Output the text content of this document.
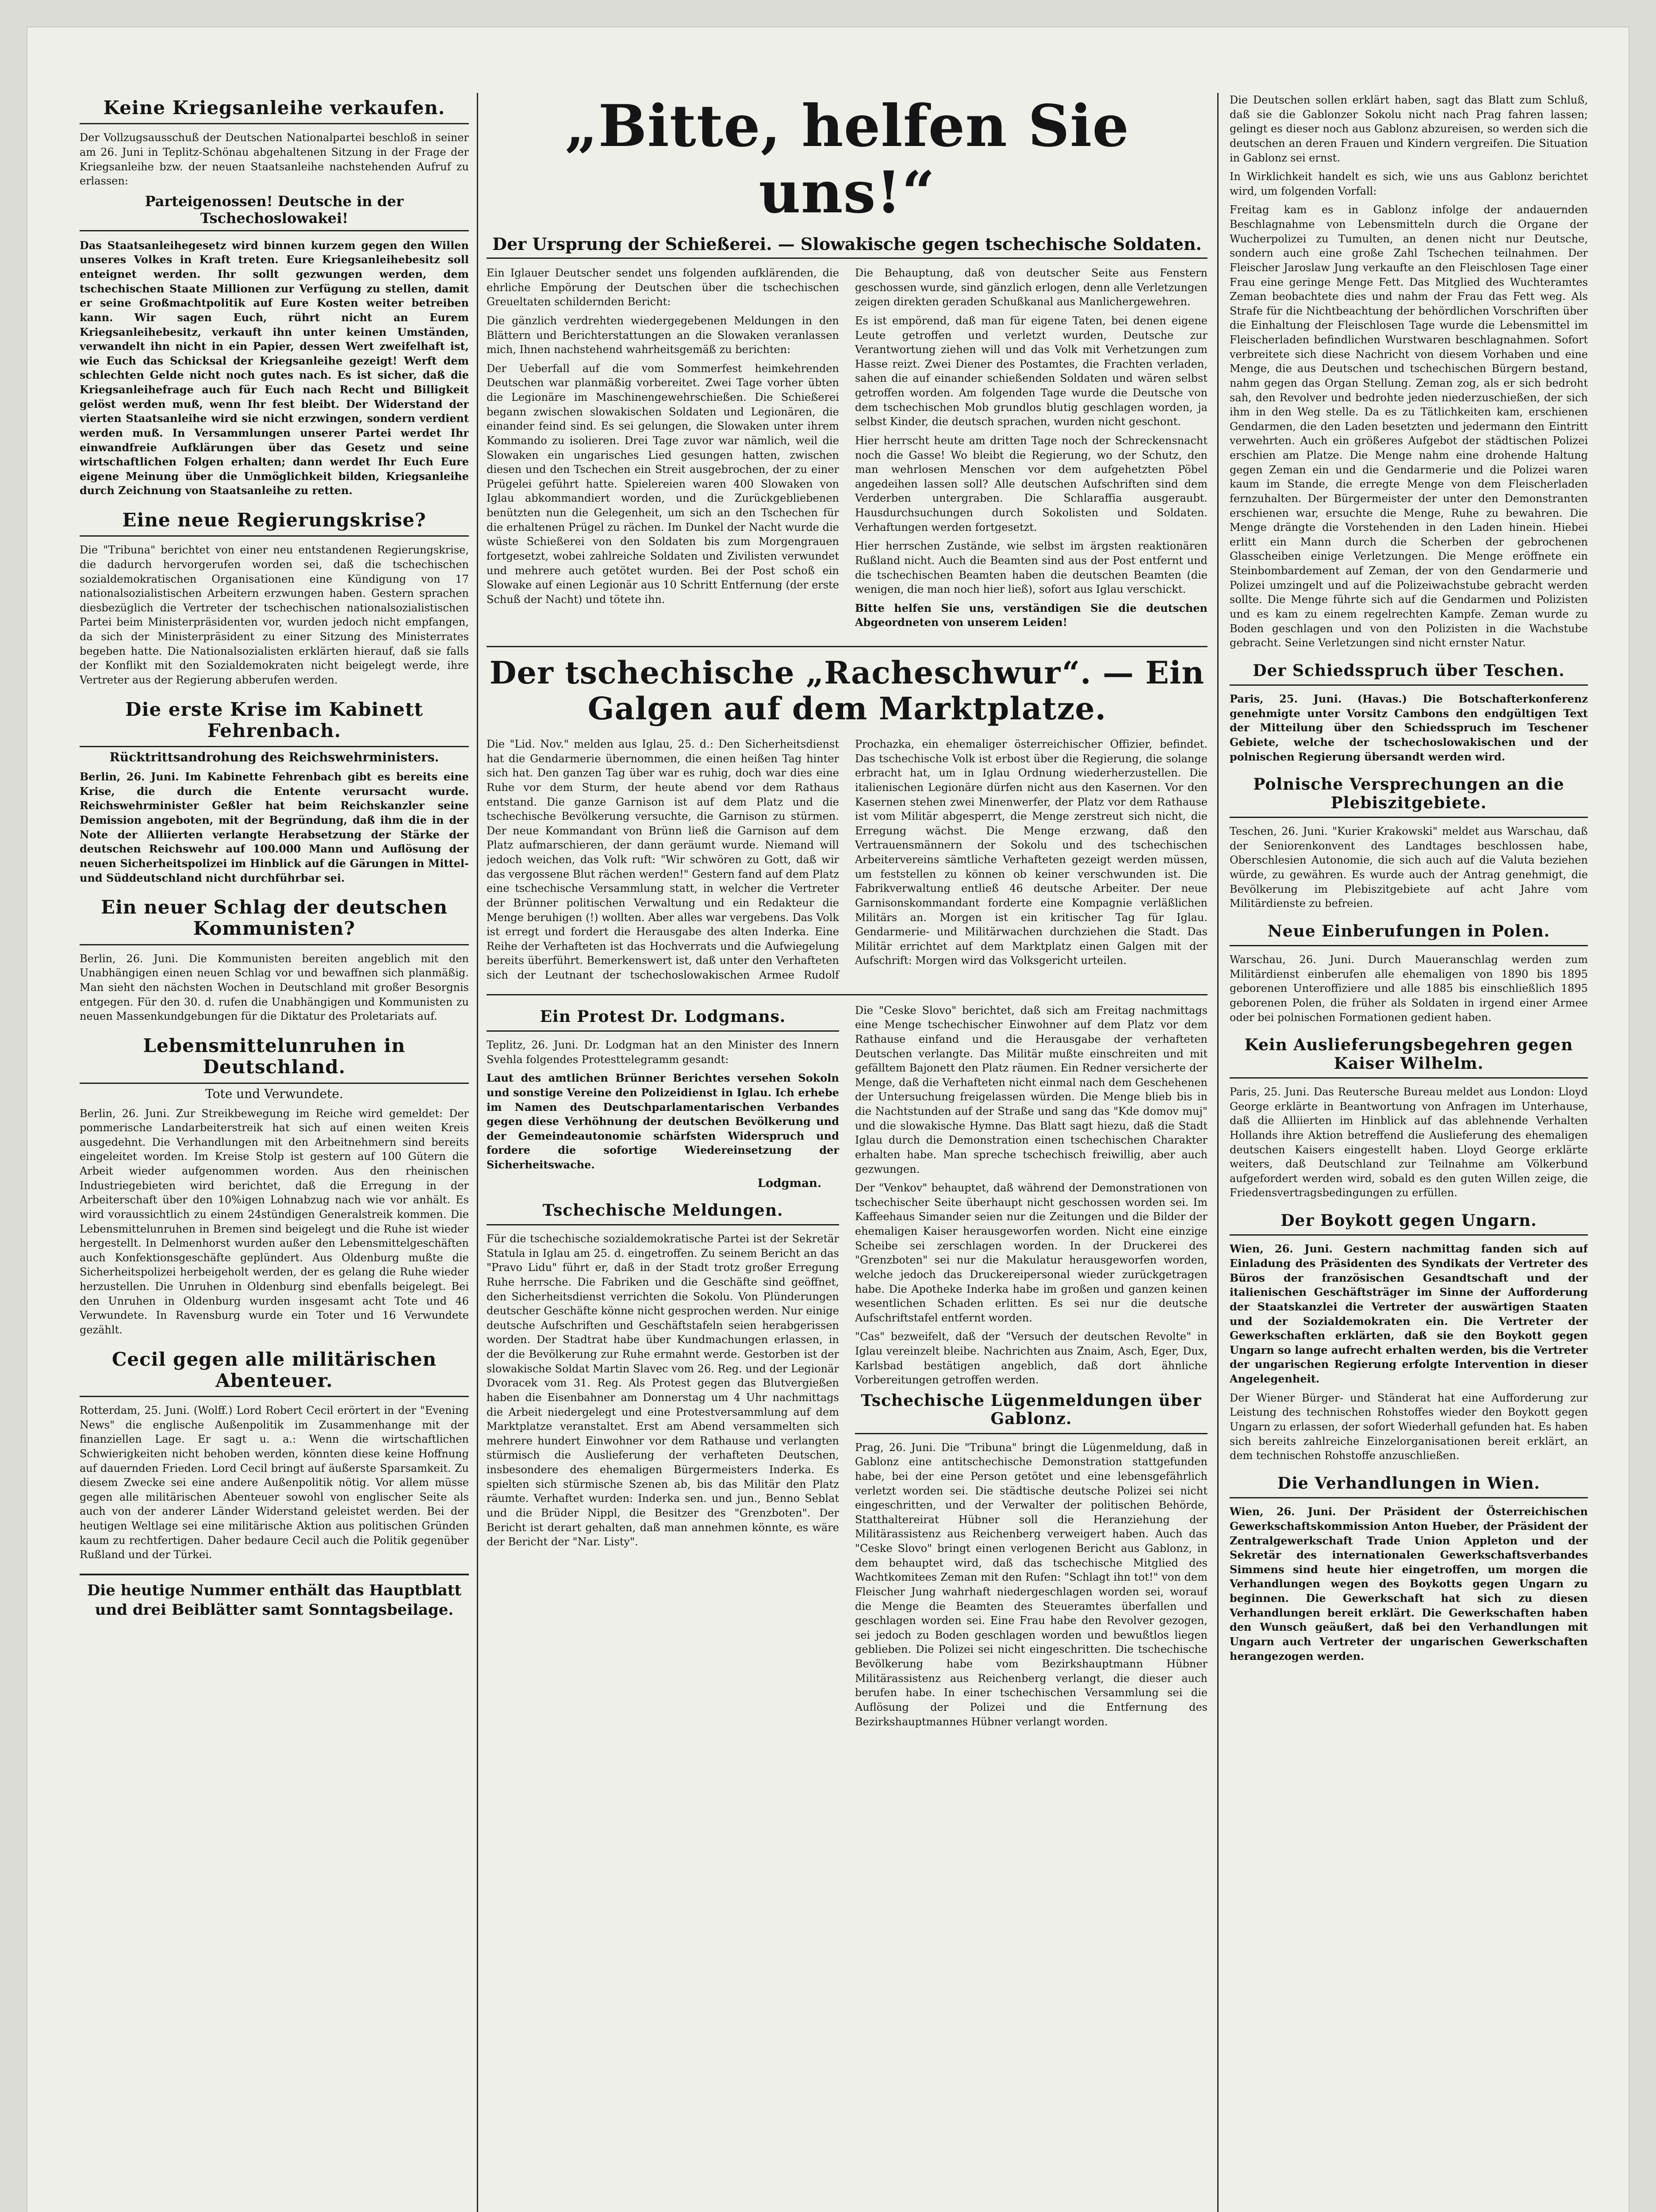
Keine Kriegsanleihe verkaufen.

Der Vollzugsausschuß der Deutschen Nationalpartei beschloß in seiner am 26. Juni in Teplitz-Schönau abgehaltenen Sitzung in der Frage der Kriegsanleihe bzw. der neuen Staatsanleihe nachstehenden Aufruf zu erlassen:

Parteigenossen! Deutsche in der Tschechoslowakei!

Das Staatsanleihegesetz wird binnen kurzem gegen den Willen unseres Volkes in Kraft treten. Eure Kriegsanleihebesitz soll enteignet werden. Ihr sollt gezwungen werden, dem tschechischen Staate Millionen zur Verfügung zu stellen, damit er seine Großmachtpolitik auf Eure Kosten weiter betreiben kann. Wir sagen Euch, rührt nicht an Eurem Kriegsanleihebesitz, verkauft ihn unter keinen Umständen, verwandelt ihn nicht in ein Papier, dessen Wert zweifelhaft ist, wie Euch das Schicksal der Kriegsanleihe gezeigt! Werft dem schlechten Gelde nicht noch gutes nach. Es ist sicher, daß die Kriegsanleihefrage auch für Euch nach Recht und Billigkeit gelöst werden muß, wenn Ihr fest bleibt. Der Widerstand der vierten Staatsanleihe wird sie nicht erzwingen, sondern verdient werden muß. In Versammlungen unserer Partei werdet Ihr einwandfreie Aufklärungen über das Gesetz und seine wirtschaftlichen Folgen erhalten; dann werdet Ihr Euch Eure eigene Meinung über die Unmöglichkeit bilden, Kriegsanleihe durch Zeichnung von Staatsanleihe zu retten.

Eine neue Regierungskrise?

Die "Tribuna" berichtet von einer neu entstandenen Regierungskrise, die dadurch hervorgerufen worden sei, daß die tschechischen sozialdemokratischen Organisationen eine Kündigung von 17 nationalsozialistischen Arbeitern erzwungen haben. Gestern sprachen diesbezüglich die Vertreter der tschechischen nationalsozialistischen Partei beim Ministerpräsidenten vor, wurden jedoch nicht empfangen, da sich der Ministerpräsident zu einer Sitzung des Ministerrates begeben hatte. Die Nationalsozialisten erklärten hierauf, daß sie falls der Konflikt mit den Sozialdemokraten nicht beigelegt werde, ihre Vertreter aus der Regierung abberufen werden.

Die erste Krise im Kabinett Fehrenbach.
Rücktrittsandrohung des Reichswehrministers.

Berlin, 26. Juni. Im Kabinette Fehrenbach gibt es bereits eine Krise, die durch die Entente verursacht wurde. Reichswehrminister Geßler hat beim Reichskanzler seine Demission angeboten, mit der Begründung, daß ihm die in der Note der Alliierten verlangte Herabsetzung der Stärke der deutschen Reichswehr auf 100.000 Mann und Auflösung der neuen Sicherheitspolizei im Hinblick auf die Gärungen in Mittel- und Süddeutschland nicht durchführbar sei.

Ein neuer Schlag der deutschen Kommunisten?

Berlin, 26. Juni. Die Kommunisten bereiten angeblich mit den Unabhängigen einen neuen Schlag vor und bewaffnen sich planmäßig. Man sieht den nächsten Wochen in Deutschland mit großer Besorgnis entgegen. Für den 30. d. rufen die Unabhängigen und Kommunisten zu neuen Massenkundgebungen für die Diktatur des Proletariats auf.

Lebensmittelunruhen in Deutschland.
Tote und Verwundete.

Berlin, 26. Juni. Zur Streikbewegung im Reiche wird gemeldet: Der pommerische Landarbeiterstreik hat sich auf einen weiten Kreis ausgedehnt. Die Verhandlungen mit den Arbeitnehmern sind bereits eingeleitet worden. Im Kreise Stolp ist gestern auf 100 Gütern die Arbeit wieder aufgenommen worden. Aus den rheinischen Industriegebieten wird berichtet, daß die Erregung in der Arbeiterschaft über den 10%igen Lohnabzug nach wie vor anhält. Es wird voraussichtlich zu einem 24stündigen Generalstreik kommen. Die Lebensmittelunruhen in Bremen sind beigelegt und die Ruhe ist wieder hergestellt. In Delmenhorst wurden außer den Lebensmittelgeschäften auch Konfektionsgeschäfte geplündert. Aus Oldenburg mußte die Sicherheitspolizei herbeigeholt werden, der es gelang die Ruhe wieder herzustellen. Die Unruhen in Oldenburg sind ebenfalls beigelegt. Bei den Unruhen in Oldenburg wurden insgesamt acht Tote und 46 Verwundete. In Ravensburg wurde ein Toter und 16 Verwundete gezählt.

Cecil gegen alle militärischen Abenteuer.

Rotterdam, 25. Juni. (Wolff.) Lord Robert Cecil erörtert in der "Evening News" die englische Außenpolitik im Zusammenhange mit der finanziellen Lage. Er sagt u. a.: Wenn die wirtschaftlichen Schwierigkeiten nicht behoben werden, könnten diese keine Hoffnung auf dauernden Frieden. Lord Cecil bringt auf äußerste Sparsamkeit. Zu diesem Zwecke sei eine andere Außenpolitik nötig. Vor allem müsse gegen alle militärischen Abenteuer sowohl von englischer Seite als auch von der anderer Länder Widerstand geleistet werden. Bei der heutigen Weltlage sei eine militärische Aktion aus politischen Gründen kaum zu rechtfertigen. Daher bedaure Cecil auch die Politik gegenüber Rußland und der Türkei.

Die heutige Nummer enthält das Hauptblatt und drei Beiblätter samt Sonntagsbeilage.
„Bitte, helfen Sie uns!“
Der Ursprung der Schießerei. — Slowakische gegen tschechische Soldaten.

Ein Iglauer Deutscher sendet uns folgenden aufklärenden, die ehrliche Empörung der Deutschen über die tschechischen Greueltaten schildernden Bericht:

Die gänzlich verdrehten wiedergegebenen Meldungen in den Blättern und Berichterstattungen an die Slowaken veranlassen mich, Ihnen nachstehend wahrheitsgemäß zu berichten:

Der Ueberfall auf die vom Sommerfest heimkehrenden Deutschen war planmäßig vorbereitet. Zwei Tage vorher übten die Legionäre im Maschinengewehrschießen. Die Schießerei begann zwischen slowakischen Soldaten und Legionären, die einander feind sind. Es sei gelungen, die Slowaken unter ihrem Kommando zu isolieren. Drei Tage zuvor war nämlich, weil die Slowaken ein ungarisches Lied gesungen hatten, zwischen diesen und den Tschechen ein Streit ausgebrochen, der zu einer Prügelei geführt hatte. Spielereien waren 400 Slowaken von Iglau abkommandiert worden, und die Zurückgebliebenen benützten nun die Gelegenheit, um sich an den Tschechen für die erhaltenen Prügel zu rächen. Im Dunkel der Nacht wurde die wüste Schießerei von den Soldaten bis zum Morgengrauen fortgesetzt, wobei zahlreiche Soldaten und Zivilisten verwundet und mehrere auch getötet wurden. Bei der Post schoß ein Slowake auf einen Legionär aus 10 Schritt Entfernung (der erste Schuß der Nacht) und tötete ihn.

Die Behauptung, daß von deutscher Seite aus Fenstern geschossen wurde, sind gänzlich erlogen, denn alle Verletzungen zeigen direkten geraden Schußkanal aus Manlichergewehren.

Es ist empörend, daß man für eigene Taten, bei denen eigene Leute getroffen und verletzt wurden, Deutsche zur Verantwortung ziehen will und das Volk mit Verhetzungen zum Hasse reizt. Zwei Diener des Postamtes, die Frachten verladen, sahen die auf einander schießenden Soldaten und wären selbst getroffen worden. Am folgenden Tage wurde die Deutsche von dem tschechischen Mob grundlos blutig geschlagen worden, ja selbst Kinder, die deutsch sprachen, wurden nicht geschont.

Hier herrscht heute am dritten Tage noch der Schreckensnacht noch die Gasse! Wo bleibt die Regierung, wo der Schutz, den man wehrlosen Menschen vor dem aufgehetzten Pöbel angedeihen lassen soll? Alle deutschen Aufschriften sind dem Verderben untergraben. Die Schlaraffia ausgeraubt. Hausdurchsuchungen durch Sokolisten und Soldaten. Verhaftungen werden fortgesetzt.

Hier herrschen Zustände, wie selbst im ärgsten reaktionären Rußland nicht. Auch die Beamten sind aus der Post entfernt und die tschechischen Beamten haben die deutschen Beamten (die wenigen, die man noch hier ließ), sofort aus Iglau verschickt.

Bitte helfen Sie uns, verständigen Sie die deutschen Abgeordneten von unserem Leiden!

Der tschechische „Racheschwur“. — Ein Galgen auf dem Marktplatze.

Die "Lid. Nov." melden aus Iglau, 25. d.: Den Sicherheitsdienst hat die Gendarmerie übernommen, die einen heißen Tag hinter sich hat. Den ganzen Tag über war es ruhig, doch war dies eine Ruhe vor dem Sturm, der heute abend vor dem Rathaus entstand. Die ganze Garnison ist auf dem Platz und die tschechische Bevölkerung versuchte, die Garnison zu stürmen. Der neue Kommandant von Brünn ließ die Garnison auf dem Platz aufmarschieren, der dann geräumt wurde. Niemand will jedoch weichen, das Volk ruft: "Wir schwören zu Gott, daß wir das vergossene Blut rächen werden!" Gestern fand auf dem Platz eine tschechische Versammlung statt, in welcher die Vertreter der Brünner politischen Verwaltung und ein Redakteur die Menge beruhigen (!) wollten. Aber alles war vergebens. Das Volk ist erregt und fordert die Herausgabe des alten Inderka. Eine Reihe der Verhafteten ist das Hochverrats und die Aufwiegelung bereits überführt. Bemerkenswert ist, daß unter den Verhafteten sich der Leutnant der tschechoslowakischen Armee Rudolf Prochazka, ein ehemaliger österreichischer Offizier, befindet. Das tschechische Volk ist erbost über die Regierung, die solange erbracht hat, um in Iglau Ordnung wiederherzustellen. Die italienischen Legionäre dürfen nicht aus den Kasernen. Vor den Kasernen stehen zwei Minenwerfer, der Platz vor dem Rathause ist vom Militär abgesperrt, die Menge zerstreut sich nicht, die Erregung wächst. Die Menge erzwang, daß den Vertrauensmännern der Sokolu und des tschechischen Arbeitervereins sämtliche Verhafteten gezeigt werden müssen, um feststellen zu können ob keiner verschwunden ist. Die Fabrikverwaltung entließ 46 deutsche Arbeiter. Der neue Garnisonskommandant forderte eine Kompagnie verläßlichen Militärs an. Morgen ist ein kritischer Tag für Iglau. Gendarmerie- und Militärwachen durchziehen die Stadt. Das Militär errichtet auf dem Marktplatz einen Galgen mit der Aufschrift: Morgen wird das Volksgericht urteilen.

Ein Protest Dr. Lodgmans.

Teplitz, 26. Juni. Dr. Lodgman hat an den Minister des Innern Svehla folgendes Protesttelegramm gesandt:

Laut des amtlichen Brünner Berichtes versehen Sokoln und sonstige Vereine den Polizeidienst in Iglau. Ich erhebe im Namen des Deutschparlamentarischen Verbandes gegen diese Verhöhnung der deutschen Bevölkerung und der Gemeindeautonomie schärfsten Widerspruch und fordere die sofortige Wiedereinsetzung der Sicherheitswache.

Lodgman.
Tschechische Meldungen.

Für die tschechische sozialdemokratische Partei ist der Sekretär Statula in Iglau am 25. d. eingetroffen. Zu seinem Bericht an das "Pravo Lidu" führt er, daß in der Stadt trotz großer Erregung Ruhe herrsche. Die Fabriken und die Geschäfte sind geöffnet, den Sicherheitsdienst verrichten die Sokolu. Von Plünderungen deutscher Geschäfte könne nicht gesprochen werden. Nur einige deutsche Aufschriften und Geschäftstafeln seien herabgerissen worden. Der Stadtrat habe über Kundmachungen erlassen, in der die Bevölkerung zur Ruhe ermahnt werde. Gestorben ist der slowakische Soldat Martin Slavec vom 26. Reg. und der Legionär Dvoracek vom 31. Reg. Als Protest gegen das Blutvergießen haben die Eisenbahner am Donnerstag um 4 Uhr nachmittags die Arbeit niedergelegt und eine Protestversammlung auf dem Marktplatze veranstaltet. Erst am Abend versammelten sich mehrere hundert Einwohner vor dem Rathause und verlangten stürmisch die Auslieferung der verhafteten Deutschen, insbesondere des ehemaligen Bürgermeisters Inderka. Es spielten sich stürmische Szenen ab, bis das Militär den Platz räumte. Verhaftet wurden: Inderka sen. und jun., Benno Seblat und die Brüder Nippl, die Besitzer des "Grenzboten". Der Bericht ist derart gehalten, daß man annehmen könnte, es wäre der Bericht der "Nar. Listy".

Die "Ceske Slovo" berichtet, daß sich am Freitag nachmittags eine Menge tschechischer Einwohner auf dem Platz vor dem Rathause einfand und die Herausgabe der verhafteten Deutschen verlangte. Das Militär mußte einschreiten und mit gefälltem Bajonett den Platz räumen. Ein Redner versicherte der Menge, daß die Verhafteten nicht einmal nach dem Geschehenen der Untersuchung freigelassen würden. Die Menge blieb bis in die Nachtstunden auf der Straße und sang das "Kde domov muj" und die slowakische Hymne. Das Blatt sagt hiezu, daß die Stadt Iglau durch die Demonstration einen tschechischen Charakter erhalten habe. Man spreche tschechisch freiwillig, aber auch gezwungen.

Der "Venkov" behauptet, daß während der Demonstrationen von tschechischer Seite überhaupt nicht geschossen worden sei. Im Kaffeehaus Simander seien nur die Zeitungen und die Bilder der ehemaligen Kaiser herausgeworfen worden. Nicht eine einzige Scheibe sei zerschlagen worden. In der Druckerei des "Grenzboten" sei nur die Makulatur herausgeworfen worden, welche jedoch das Druckereipersonal wieder zurückgetragen habe. Die Apotheke Inderka habe im großen und ganzen keinen wesentlichen Schaden erlitten. Es sei nur die deutsche Aufschriftstafel entfernt worden.

"Cas" bezweifelt, daß der "Versuch der deutschen Revolte" in Iglau vereinzelt bleibe. Nachrichten aus Znaim, Asch, Eger, Dux, Karlsbad bestätigen angeblich, daß dort ähnliche Vorbereitungen getroffen werden.

Tschechische Lügenmeldungen über Gablonz.

Prag, 26. Juni. Die "Tribuna" bringt die Lügenmeldung, daß in Gablonz eine antitschechische Demonstration stattgefunden habe, bei der eine Person getötet und eine lebensgefährlich verletzt worden sei. Die städtische deutsche Polizei sei nicht eingeschritten, und der Verwalter der politischen Behörde, Statthaltereirat Hübner soll die Heranziehung der Militärassistenz aus Reichenberg verweigert haben. Auch das "Ceske Slovo" bringt einen verlogenen Bericht aus Gablonz, in dem behauptet wird, daß das tschechische Mitglied des Wachtkomitees Zeman mit den Rufen: "Schlagt ihn tot!" von dem Fleischer Jung wahrhaft niedergeschlagen worden sei, worauf die Menge die Beamten des Steueramtes überfallen und geschlagen worden sei. Eine Frau habe den Revolver gezogen, sei jedoch zu Boden geschlagen worden und bewußtlos liegen geblieben. Die Polizei sei nicht eingeschritten. Die tschechische Bevölkerung habe vom Bezirkshauptmann Hübner Militärassistenz aus Reichenberg verlangt, die dieser auch berufen habe. In einer tschechischen Versammlung sei die Auflösung der Polizei und die Entfernung des Bezirkshauptmannes Hübner verlangt worden.

Die Deutschen sollen erklärt haben, sagt das Blatt zum Schluß, daß sie die Gablonzer Sokolu nicht nach Prag fahren lassen; gelingt es dieser noch aus Gablonz abzureisen, so werden sich die deutschen an deren Frauen und Kindern vergreifen. Die Situation in Gablonz sei ernst.

In Wirklichkeit handelt es sich, wie uns aus Gablonz berichtet wird, um folgenden Vorfall:

Freitag kam es in Gablonz infolge der andauernden Beschlagnahme von Lebensmitteln durch die Organe der Wucherpolizei zu Tumulten, an denen nicht nur Deutsche, sondern auch eine große Zahl Tschechen teilnahmen. Der Fleischer Jaroslaw Jung verkaufte an den Fleischlosen Tage einer Frau eine geringe Menge Fett. Das Mitglied des Wuchteramtes Zeman beobachtete dies und nahm der Frau das Fett weg. Als Strafe für die Nichtbeachtung der behördlichen Vorschriften über die Einhaltung der Fleischlosen Tage wurde die Lebensmittel im Fleischerladen befindlichen Wurstwaren beschlagnahmen. Sofort verbreitete sich diese Nachricht von diesem Vorhaben und eine Menge, die aus Deutschen und tschechischen Bürgern bestand, nahm gegen das Organ Stellung. Zeman zog, als er sich bedroht sah, den Revolver und bedrohte jeden niederzuschießen, der sich ihm in den Weg stelle. Da es zu Tätlichkeiten kam, erschienen Gendarmen, die den Laden besetzten und jedermann den Eintritt verwehrten. Auch ein größeres Aufgebot der städtischen Polizei erschien am Platze. Die Menge nahm eine drohende Haltung gegen Zeman ein und die Gendarmerie und die Polizei waren kaum im Stande, die erregte Menge von dem Fleischerladen fernzuhalten. Der Bürgermeister der unter den Demonstranten erschienen war, ersuchte die Menge, Ruhe zu bewahren. Die Menge drängte die Vorstehenden in den Laden hinein. Hiebei erlitt ein Mann durch die Scherben der gebrochenen Glasscheiben einige Verletzungen. Die Menge eröffnete ein Steinbombardement auf Zeman, der von den Gendarmerie und Polizei umzingelt und auf die Polizeiwachstube gebracht werden sollte. Die Menge führte sich auf die Gendarmen und Polizisten und es kam zu einem regelrechten Kampfe. Zeman wurde zu Boden geschlagen und von den Polizisten in die Wachstube gebracht. Seine Verletzungen sind nicht ernster Natur.

Der Schiedsspruch über Teschen.

Paris, 25. Juni. (Havas.) Die Botschafterkonferenz genehmigte unter Vorsitz Cambons den endgültigen Text der Mitteilung über den Schiedsspruch im Teschener Gebiete, welche der tschechoslowakischen und der polnischen Regierung übersandt werden wird.

Polnische Versprechungen an die Plebiszitgebiete.

Teschen, 26. Juni. "Kurier Krakowski" meldet aus Warschau, daß der Seniorenkonvent des Landtages beschlossen habe, Oberschlesien Autonomie, die sich auch auf die Valuta beziehen würde, zu gewähren. Es wurde auch der Antrag genehmigt, die Bevölkerung im Plebiszitgebiete auf acht Jahre vom Militärdienste zu befreien.

Neue Einberufungen in Polen.

Warschau, 26. Juni. Durch Maueranschlag werden zum Militärdienst einberufen alle ehemaligen von 1890 bis 1895 geborenen Unteroffiziere und alle 1885 bis einschließlich 1895 geborenen Polen, die früher als Soldaten in irgend einer Armee oder bei polnischen Formationen gedient haben.

Kein Auslieferungsbegehren gegen Kaiser Wilhelm.

Paris, 25. Juni. Das Reutersche Bureau meldet aus London: Lloyd George erklärte in Beantwortung von Anfragen im Unterhause, daß die Alliierten im Hinblick auf das ablehnende Verhalten Hollands ihre Aktion betreffend die Auslieferung des ehemaligen deutschen Kaisers eingestellt haben. Lloyd George erklärte weiters, daß Deutschland zur Teilnahme am Völkerbund aufgefordert werden wird, sobald es den guten Willen zeige, die Friedensvertragsbedingungen zu erfüllen.

Der Boykott gegen Ungarn.

Wien, 26. Juni. Gestern nachmittag fanden sich auf Einladung des Präsidenten des Syndikats der Vertreter des Büros der französischen Gesandtschaft und der italienischen Geschäftsträger im Sinne der Aufforderung der Staatskanzlei die Vertreter der auswärtigen Staaten und der Sozialdemokraten ein. Die Vertreter der Gewerkschaften erklärten, daß sie den Boykott gegen Ungarn so lange aufrecht erhalten werden, bis die Vertreter der ungarischen Regierung erfolgte Intervention in dieser Angelegenheit.

Der Wiener Bürger- und Ständerat hat eine Aufforderung zur Leistung des technischen Rohstoffes wieder den Boykott gegen Ungarn zu erlassen, der sofort Wiederhall gefunden hat. Es haben sich bereits zahlreiche Einzelorganisationen bereit erklärt, an dem technischen Rohstoffe anzuschließen.

Die Verhandlungen in Wien.

Wien, 26. Juni. Der Präsident der Österreichischen Gewerkschaftskommission Anton Hueber, der Präsident der Zentralgewerkschaft Trade Union Appleton und der Sekretär des internationalen Gewerkschaftsverbandes Simmens sind heute hier eingetroffen, um morgen die Verhandlungen wegen des Boykotts gegen Ungarn zu beginnen. Die Gewerkschaft hat sich zu diesen Verhandlungen bereit erklärt. Die Gewerkschaften haben den Wunsch geäußert, daß bei den Verhandlungen mit Ungarn auch Vertreter der ungarischen Gewerkschaften herangezogen werden.
